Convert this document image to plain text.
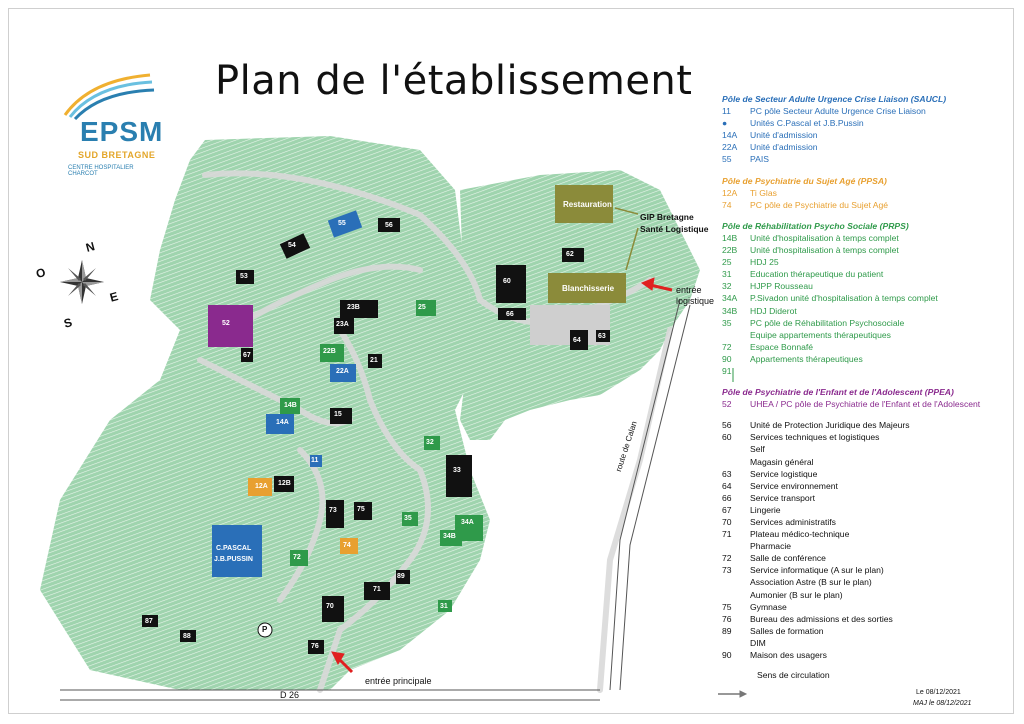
EPSM
SUD BRETAGNE
CENTRE HOSPITALIER CHARCOT
Plan de l'établissement
Restauration
Blanchisserie
GIP Bretagne
Santé Logistique
entrée
logistique
entrée principale
route de Calan
D 26
C.PASCAL
J.B.PUSSIN
P
N
S
E
O
55	56
54
53
52
67
23B
23A
25
22B
22A
21
14B
14A
15
11
12A 12B
32
33
34A
34B
35
31
73	75
74
72
89
71
70
76
87
88
60
62
66
64
63
Pôle de Secteur Adulte Urgence Crise Liaison (SAUCL)
11	PC pôle Secteur Adulte Urgence Crise Liaison
●	Unités C.Pascal et J.B.Pussin
14A	Unité d'admission
22A	Unité d'admission
55	PAIS
Pôle de Psychiatrie du Sujet Agé (PPSA)
12A	Ti Glas
74	PC pôle de Psychiatrie du Sujet Agé
Pôle de Réhabilitation Psycho Sociale (PRPS)
14B	Unité d'hospitalisation à temps complet
22B	Unité d'hospitalisation à temps complet
25	HDJ 25
31	Education thérapeutique du patient
32	HJPP Rousseau
34A	P.Sivadon unité d'hospitalisation à temps complet
34B	HDJ Diderot
35	PC pôle de Réhabilitation Psychosociale
Equipe appartements thérapeutiques
72	Espace Bonnafé
90	Appartements thérapeutiques
91
Pôle de Psychiatrie de l'Enfant et de l'Adolescent (PPEA)
52	UHEA / PC pôle de Psychiatrie de l'Enfant et de l'Adolescent
56	Unité de Protection Juridique des Majeurs
60	Services techniques et logistiques
Self
Magasin général
63	Service logistique
64	Service environnement
66	Service transport
67	Lingerie
70	Services administratifs
71	Plateau médico-technique
Pharmacie
72	Salle de conférence
73	Service informatique (A sur le plan)
Association Astre (B sur le plan)
Aumonier (B sur le plan)
75	Gymnase
76	Bureau des admissions et des sorties
89	Salles de formation
DIM
90	Maison des usagers
Sens de circulation
Le 08/12/2021
MAJ le 08/12/2021
